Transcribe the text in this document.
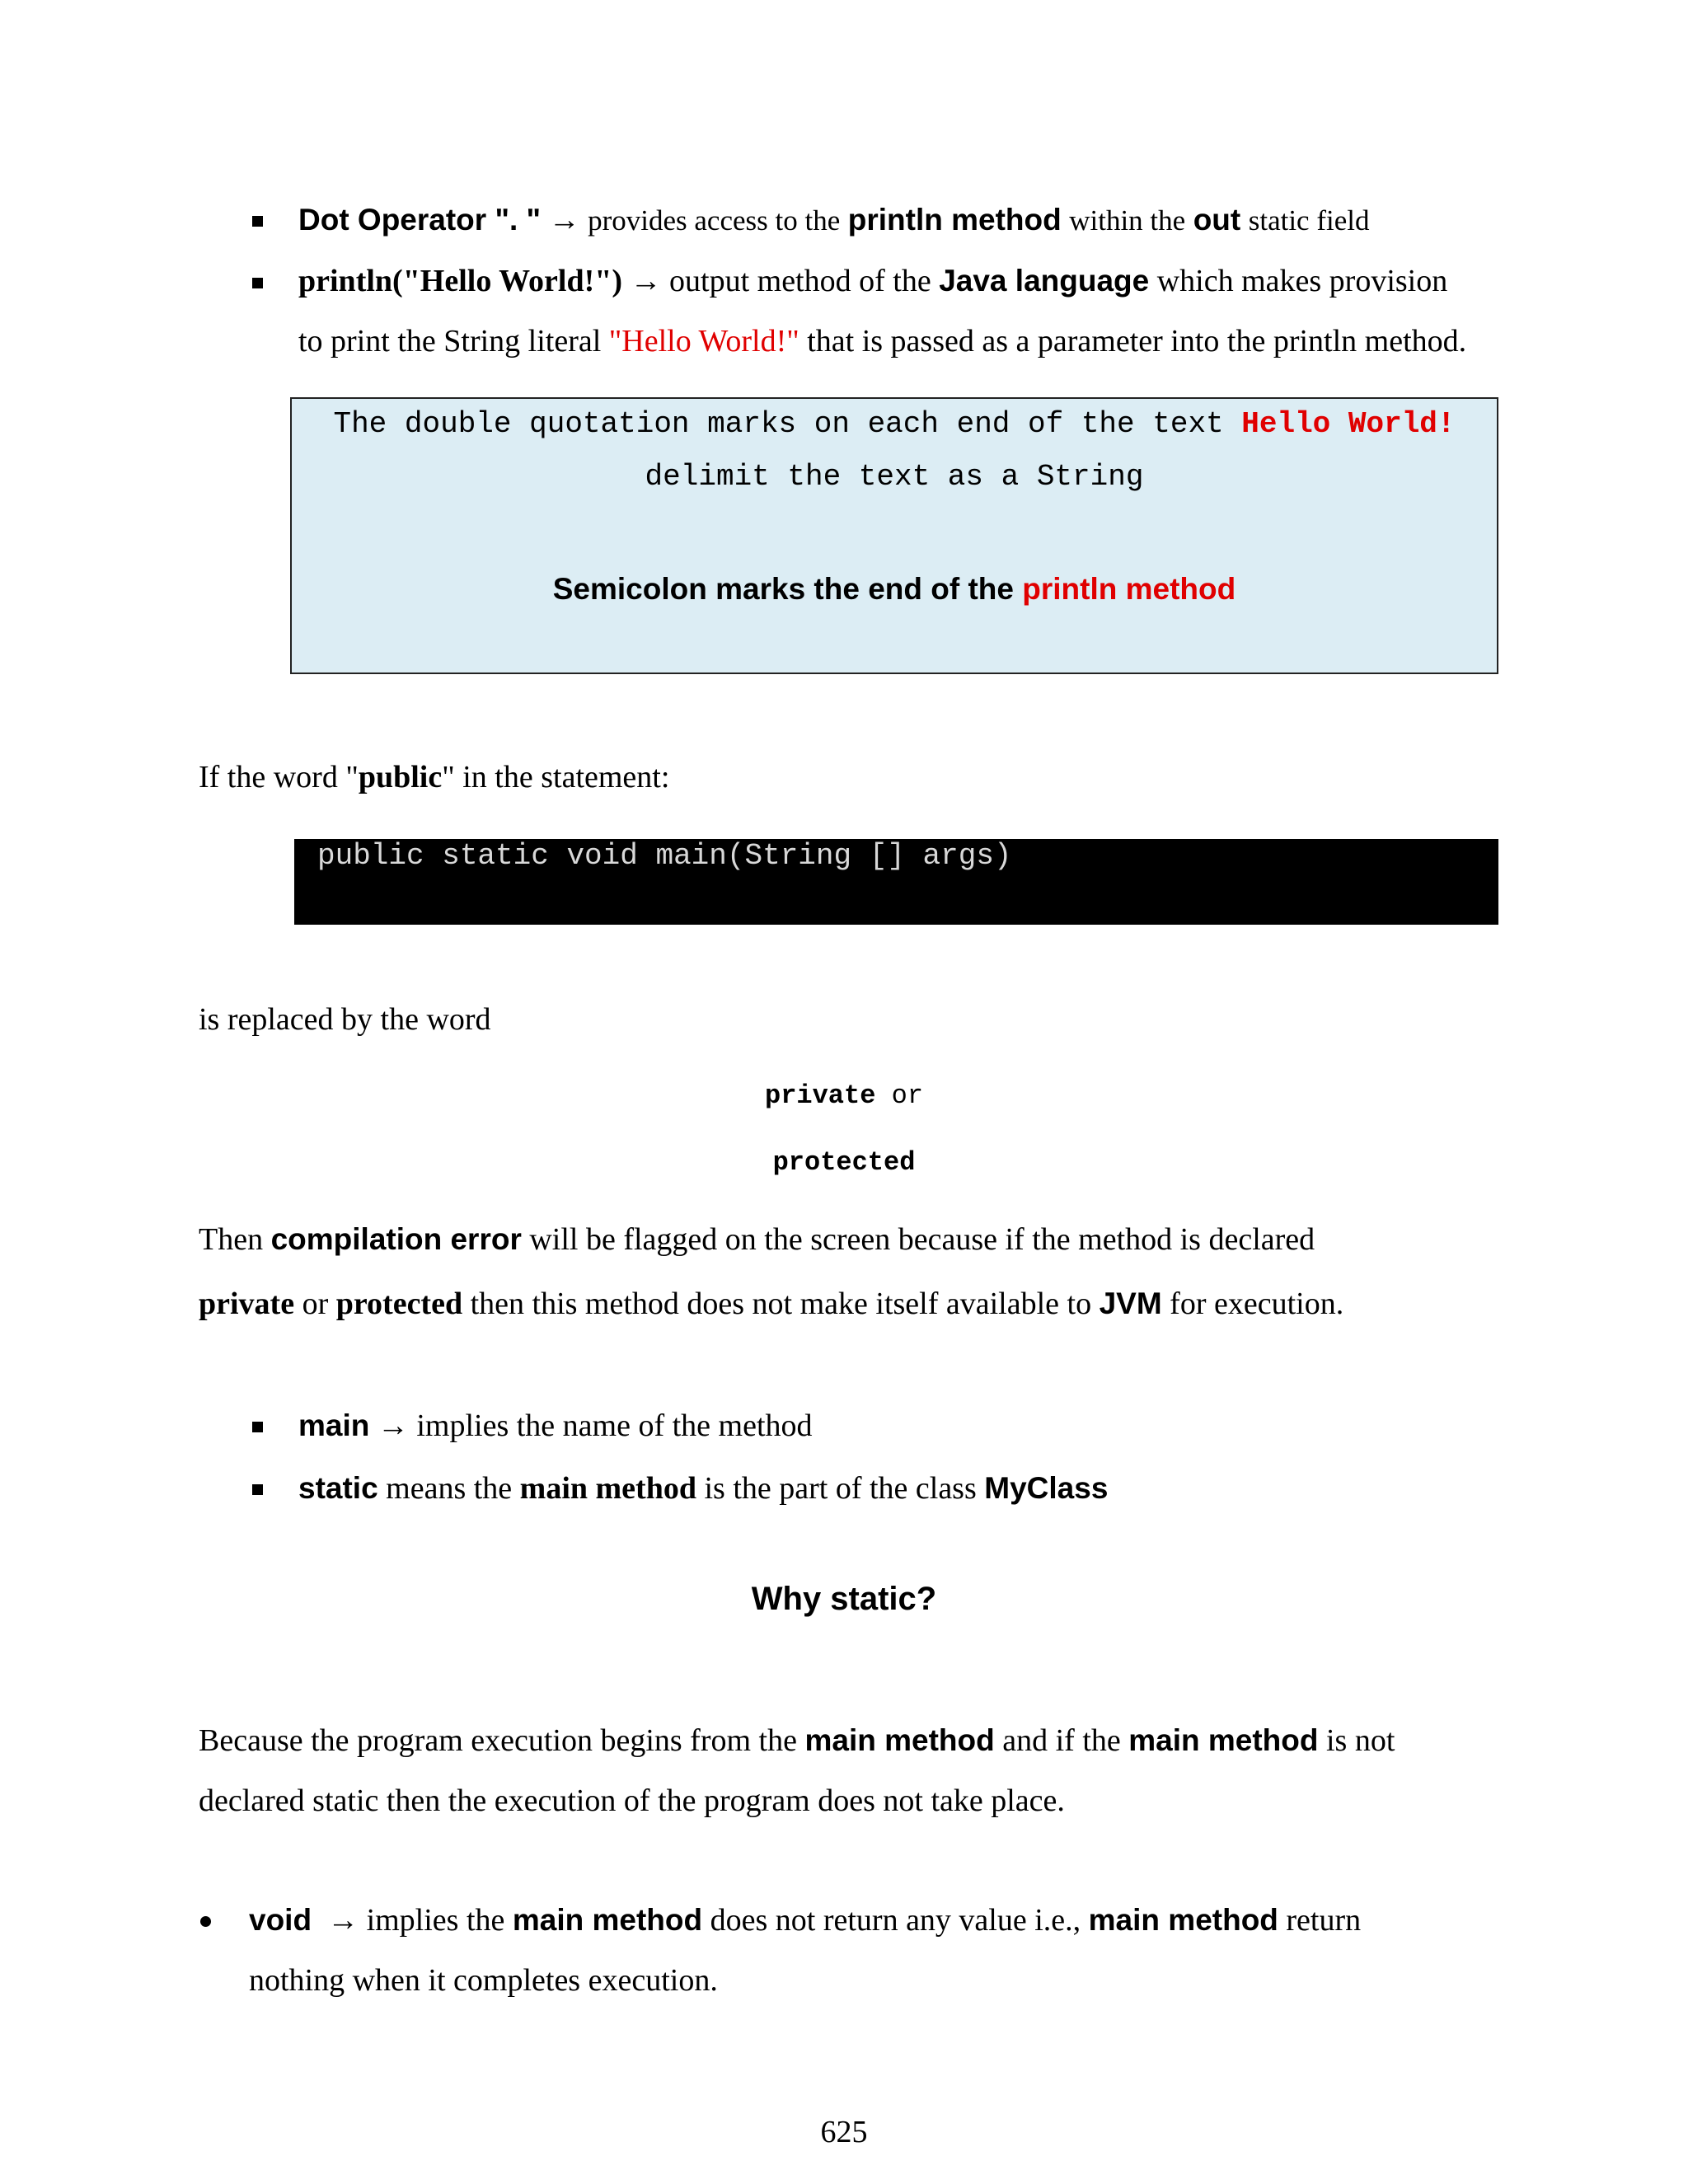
Dot Operator ". " → provides access to the println method within the out static field
println("Hello World!") → output method of the Java language which makes provision
to print the String literal "Hello World!" that is passed as a parameter into the println method.
The double quotation marks on each end of the text Hello World!
delimit the text as a String
Semicolon marks the end of the println method
If the word "public" in the statement:
public static void main(String [] args)
is replaced by the word
private or
protected
Then compilation error will be flagged on the screen because if the method is declared
private or protected then this method does not make itself available to JVM for execution.
main → implies the name of the method
static means the main method is the part of the class MyClass
Why static?
Because the program execution begins from the main method and if the main method is not
declared static then the execution of the program does not take place.
void → implies the main method does not return any value i.e., main method return
nothing when it completes execution.
625
